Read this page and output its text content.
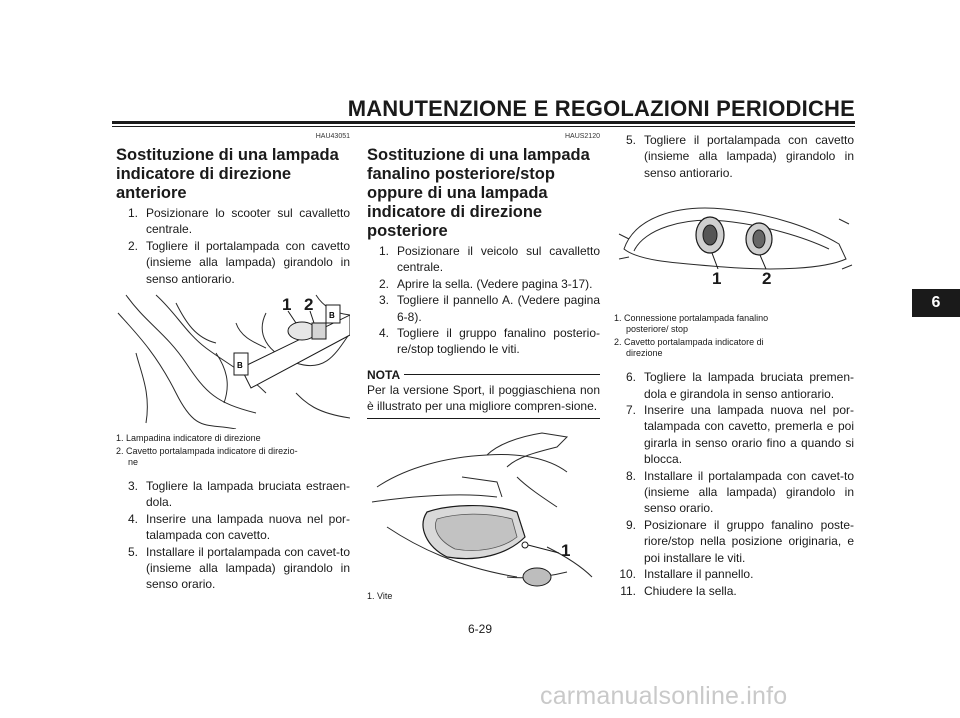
MANUTENZIONE E REGOLAZIONI PERIODICHE
6
HAU43051
Sostituzione di una lampada indicatore di direzione anteriore
1. Posizionare lo scooter sul cavalletto centrale.
2. Togliere il portalampada con cavetto (insieme alla lampada) girandolo in senso antiorario.
B
B
1 2
1. Lampadina indicatore di direzione
2. Cavetto portalampada indicatore di direzio-
ne
3. Togliere la lampada bruciata estraen-dola.
4. Inserire una lampada nuova nel por-talampada con cavetto.
5. Installare il portalampada con cavet-to (insieme alla lampada) girandolo in senso orario.
HAUS2120
Sostituzione di una lampada fanalino posteriore/stop oppure di una lampada indicatore di direzione posteriore
1. Posizionare il veicolo sul cavalletto centrale.
2. Aprire la sella. (Vedere pagina 3-17).
3. Togliere il pannello A. (Vedere pagina 6-8).
4. Togliere il gruppo fanalino posterio-re/stop togliendo le viti.
NOTA
Per la versione Sport, il poggiaschiena non è illustrato per una migliore compren-sione.
1
1. Vite
5. Togliere il portalampada con cavetto (insieme alla lampada) girandolo in senso antiorario.
1 2
1. Connessione portalampada fanalino
posteriore/ stop
2. Cavetto portalampada indicatore di
direzione
6. Togliere la lampada bruciata premen-dola e girandola in senso antiorario.
7. Inserire una lampada nuova nel por-talampada con cavetto, premerla e poi girarla in senso orario fino a quando si blocca.
8. Installare il portalampada con cavet-to (insieme alla lampada) girandolo in senso orario.
9. Posizionare il gruppo fanalino poste-riore/stop nella posizione originaria, e poi installare le viti.
10. Installare il pannello.
11. Chiudere la sella.
6-29
carmanualsonline.info
